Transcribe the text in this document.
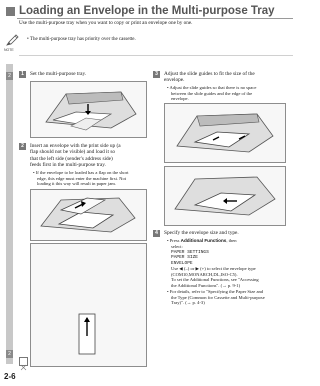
Loading an Envelope in the Multi-purpose Tray
Use the multi-purpose tray when you want to copy or print an envelope one by one.
NOTE
• The multi-purpose tray has priority over the cassette.
2
2
1	Set the multi-purpose tray.
2	Insert an envelope with the print side up (a
flap should not be visible) and load it so
that the left side (sender's address side)
feeds first in the multi-purpose tray.
• If the envelope to be loaded has a flap on the short
edge, this edge must enter the machine first. Not
loading it this way will result in paper jam.
3	Adjust the slide guides to fit the size of the
envelope.
• Adjust the slide guides so that there is no space
between the slide guides and the edge of the
envelope.
4	Specify the envelope size and type.
• Press Additional Functions, then
select:
PAPER SETTINGS
PAPER SIZE
ENVELOPE
Use ◀ (–) or ▶ (+) to select the envelope type
(COM10,MONARCH,DL,ISO-C5).
To set the Additional Functions, see "Accessing
the Additional Functions". (→ p. 9-1)
• For details, refer to "Specifying the Paper Size and
the Type (Common for Cassette and Multi-purpose
Tray)". (→ p. 4-3)
2-6
